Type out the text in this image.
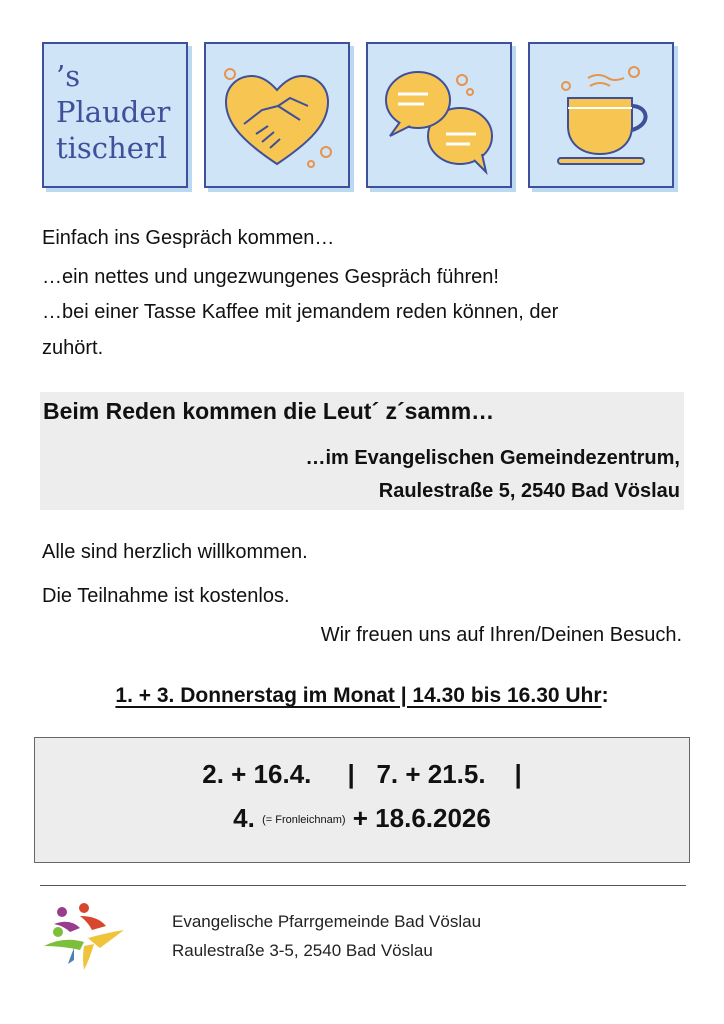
’s
Plauder
tischerl
Einfach ins Gespräch kommen…
…ein nettes und ungezwungenes Gespräch führen!
…bei einer Tasse Kaffee mit jemandem reden können, der
zuhört.
Beim Reden kommen die Leut´ z´samm…
…im Evangelischen Gemeindezentrum,
Raulestraße 5, 2540 Bad Vöslau
Alle sind herzlich willkommen.
Die Teilnahme ist kostenlos.
Wir freuen uns auf Ihren/Deinen Besuch.
1. + 3. Donnerstag im Monat | 14.30 bis 16.30 Uhr:
2. + 16.4.     |   7. + 21.5.    |
4. (= Fronleichnam) + 18.6.2026
Evangelische Pfarrgemeinde Bad Vöslau
Raulestraße 3-5, 2540 Bad Vöslau
